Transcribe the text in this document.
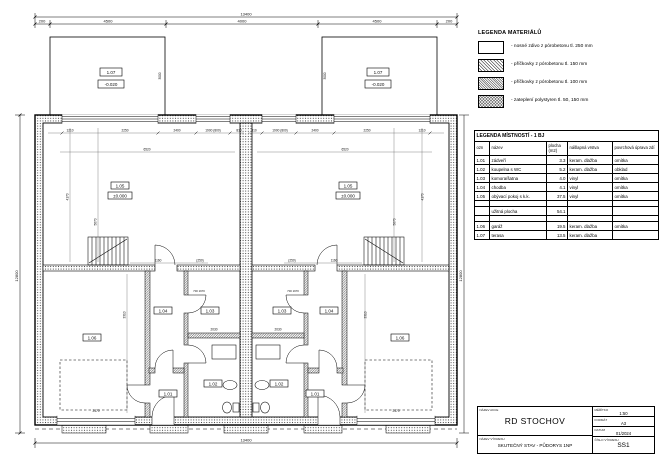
13400
200	4500	4000	4500	200
13400
12800	12800
3000	3000
1210	2250	2400	1900 (800)	810	810	1900 (800)	2400	2250	1210
6520	6520
4170	4170
5670	5670
3310	3310
2470	2470
1160	1160
(250)	(250)
2030	2030
700 1970	700 1970
1.07
-0.020
1.07
-0.020
1.05
±0.000
1.05
±0.000
1.04	1.04
1.03	1.03
1.02	1.02
1.01	1.01
1.06	1.06
LEGENDA MATERIÁLŮ
- nosné zdivo z pórobetonu tl. 250 mm
- příčkovky z pórobetonu tl. 150 mm
- příčkovky z pórobetonu tl. 100 mm
- zateplení polystyren tl. 50, 150 mm
LEGENDA MÍSTNOSTÍ - 1 BJ				
ozn	název	plocha (m2)	nášlapná vrstva	povrchová úprava zdí
1.01	zádveří	3.3	keram. dlažba	omítka
1.02	koupelna s WC	5.2	keram. dlažba	obklad
1.03	komora/šatna	4.0	vinyl	omítka
1.04	chodba	4.1	vinyl	omítka
1.05	obývací pokoj s k.k.	37.5	vinyl	omítka

	užitná plocha	54.1		

1.06	garáž	19.5	keram. dlažba	omítka
1.07	terasa	13.5	keram. dlažba	
NÁZEV AKCE
RD STOCHOV
NÁZEV VÝKRESU
SKUTEČNÝ STAV - PŮDORYS 1NP
MĚŘÍTKO
1:50
FORMÁT
A3
DATUM
01/2024
ČÍSLO VÝKRESU
SS1
